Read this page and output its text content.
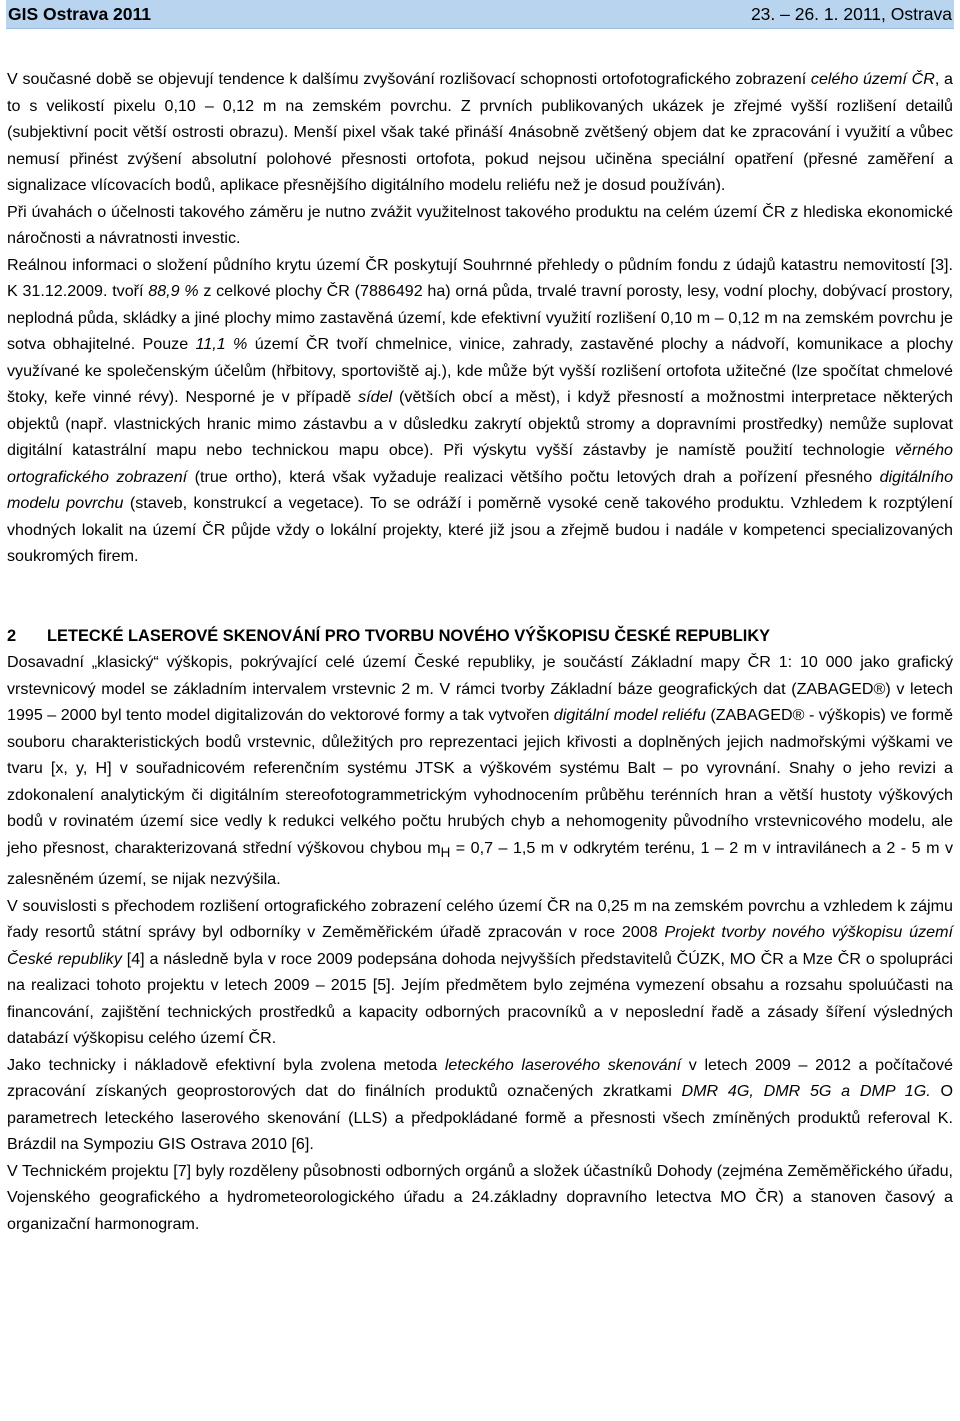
GIS Ostrava 2011	23. – 26. 1. 2011, Ostrava

V současné době se objevují tendence k dalšímu zvyšování rozlišovací schopnosti ortofotografického zobrazení celého území ČR, a to s velikostí pixelu 0,10 – 0,12 m na zemském povrchu. Z prvních publikovaných ukázek je zřejmé vyšší rozlišení detailů (subjektivní pocit větší ostrosti obrazu). Menší pixel však také přináší 4násobně zvětšený objem dat ke zpracování i využití a vůbec nemusí přinést zvýšení absolutní polohové přesnosti ortofota, pokud nejsou učiněna speciální opatření (přesné zaměření a signalizace vlícovacích bodů, aplikace přesnějšího digitálního modelu reliéfu než je dosud používán).

Při úvahách o účelnosti takového záměru je nutno zvážit využitelnost takového produktu na celém území ČR z hlediska ekonomické náročnosti a návratnosti investic.

Reálnou informaci o složení půdního krytu území ČR poskytují Souhrnné přehledy o půdním fondu z údajů katastru nemovitostí [3]. K 31.12.2009. tvoří 88,9 % z celkové plochy ČR (7886492 ha) orná půda, trvalé travní porosty, lesy, vodní plochy, dobývací prostory, neplodná půda, skládky a jiné plochy mimo zastavěná území, kde efektivní využití rozlišení 0,10 m – 0,12 m na zemském povrchu je sotva obhajitelné. Pouze 11,1 % území ČR tvoří chmelnice, vinice, zahrady, zastavěné plochy a nádvoří, komunikace a plochy využívané ke společenským účelům (hřbitovy, sportoviště aj.), kde může být vyšší rozlišení ortofota užitečné (lze spočítat chmelové štoky, keře vinné révy). Nesporné je v případě sídel (větších obcí a měst), i když přesností a možnostmi interpretace některých objektů (např. vlastnických hranic mimo zástavbu a v důsledku zakrytí objektů stromy a dopravními prostředky) nemůže suplovat digitální katastrální mapu nebo technickou mapu obce). Při výskytu vyšší zástavby je namístě použití technologie věrného ortografického zobrazení (true ortho), která však vyžaduje realizaci většího počtu letových drah a pořízení přesného digitálního modelu povrchu (staveb, konstrukcí a vegetace). To se odráží i poměrně vysoké ceně takového produktu. Vzhledem k rozptýlení vhodných lokalit na území ČR půjde vždy o lokální projekty, které již jsou a zřejmě budou i nadále v kompetenci specializovaných soukromých firem.

2 LETECKÉ LASEROVÉ SKENOVÁNÍ PRO TVORBU NOVÉHO VÝŠKOPISU ČESKÉ REPUBLIKY

Dosavadní „klasický“ výškopis, pokrývající celé území České republiky, je součástí Základní mapy ČR 1: 10 000 jako grafický vrstevnicový model se základním intervalem vrstevnic 2 m. V rámci tvorby Základní báze geografických dat (ZABAGED®) v letech 1995 – 2000 byl tento model digitalizován do vektorové formy a tak vytvořen digitální model reliéfu (ZABAGED® - výškopis) ve formě souboru charakteristických bodů vrstevnic, důležitých pro reprezentaci jejich křivosti a doplněných jejich nadmořskými výškami ve tvaru [x, y, H] v souřadnicovém referenčním systému JTSK a výškovém systému Balt – po vyrovnání. Snahy o jeho revizi a zdokonalení analytickým či digitálním stereofotogrammetrickým vyhodnocením průběhu terénních hran a větší hustoty výškových bodů v rovinatém území sice vedly k redukci velkého počtu hrubých chyb a nehomogenity původního vrstevnicového modelu, ale jeho přesnost, charakterizovaná střední výškovou chybou $m_H = 0,7 - 1,5$ m v odkrytém terénu, 1 – 2 m v intravilánech a 2 - 5 m v zalesněném území, se nijak nezvýšila.

V souvislosti s přechodem rozlišení ortografického zobrazení celého území ČR na 0,25 m na zemském povrchu a vzhledem k zájmu řady resortů státní správy byl odborníky v Zeměměřickém úřadě zpracován v roce 2008 Projekt tvorby nového výškopisu území České republiky [4] a následně byla v roce 2009 podepsána dohoda nejvyšších představitelů ČÚZK, MO ČR a Mze ČR o spolupráci na realizaci tohoto projektu v letech 2009 – 2015 [5]. Jejím předmětem bylo zejména vymezení obsahu a rozsahu spoluúčasti na financování, zajištění technických prostředků a kapacity odborných pracovníků a v neposlední řadě a zásady šíření výsledných databází výškopisu celého území ČR.

Jako technicky i nákladově efektivní byla zvolena metoda leteckého laserového skenování v letech 2009 – 2012 a počítačové zpracování získaných geoprostorových dat do finálních produktů označených zkratkami DMR 4G, DMR 5G a DMP 1G. O parametrech leteckého laserového skenování (LLS) a předpokládané formě a přesnosti všech zmíněných produktů referoval K. Brázdil na Sympoziu GIS Ostrava 2010 [6].

V Technickém projektu [7] byly rozděleny působnosti odborných orgánů a složek účastníků Dohody (zejména Zeměměřického úřadu, Vojenského geografického a hydrometeorologického úřadu a 24.základny dopravního letectva MO ČR) a stanoven časový a organizační harmonogram.
